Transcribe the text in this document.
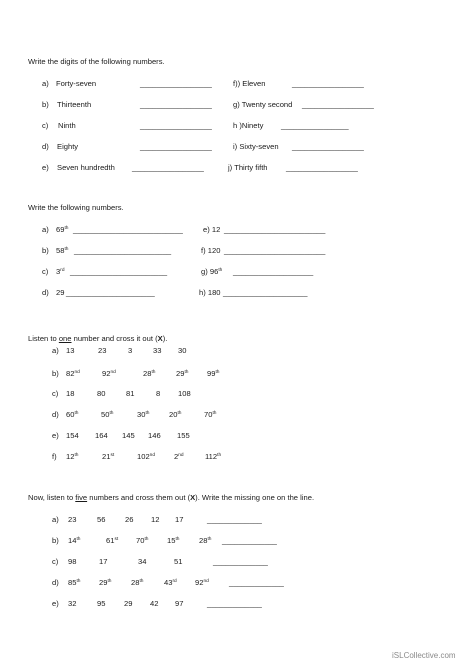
Write the digits of the following numbers.
a) Forty-seven	_________________	f)) Eleven	_________________
b) Thirteenth	_________________	g) Twenty second _________________
c) Ninth	_________________	h )Ninety ________________
d) Eighty	_________________	i) Sixty-seven _________________
e) Seven hundredth _________________	j) Thirty fifth _________________
Write the following numbers.
a) 69th __________________________	e) 12 ________________________
b) 58th _______________________	f) 120 ________________________
c) 3rd _______________________	g) 96th ___________________
d) 29 _____________________	h) 180 ____________________
Listen to one number and cross it out (X).
a) 13	23	3	33 30
b) 82nd	92nd	28th	29th 99th
c) 18	80	81	8 108
d) 60th	50th	30th	20th	70th
e) 154 164 145 146 155
f) 12th	21st	102nd 2nd	112th
Now, listen to five numbers and cross them out (X). Write the missing one on the line.
a) 23	56	26 12 17	_____________
b) 14th	61st 70th 15th	28th _____________
c) 98	17	34	51	_____________
d) 85th 29th	28th	43rd 92nd	_____________
e) 32	95 29 42 97	_____________
iSLCollective.com
